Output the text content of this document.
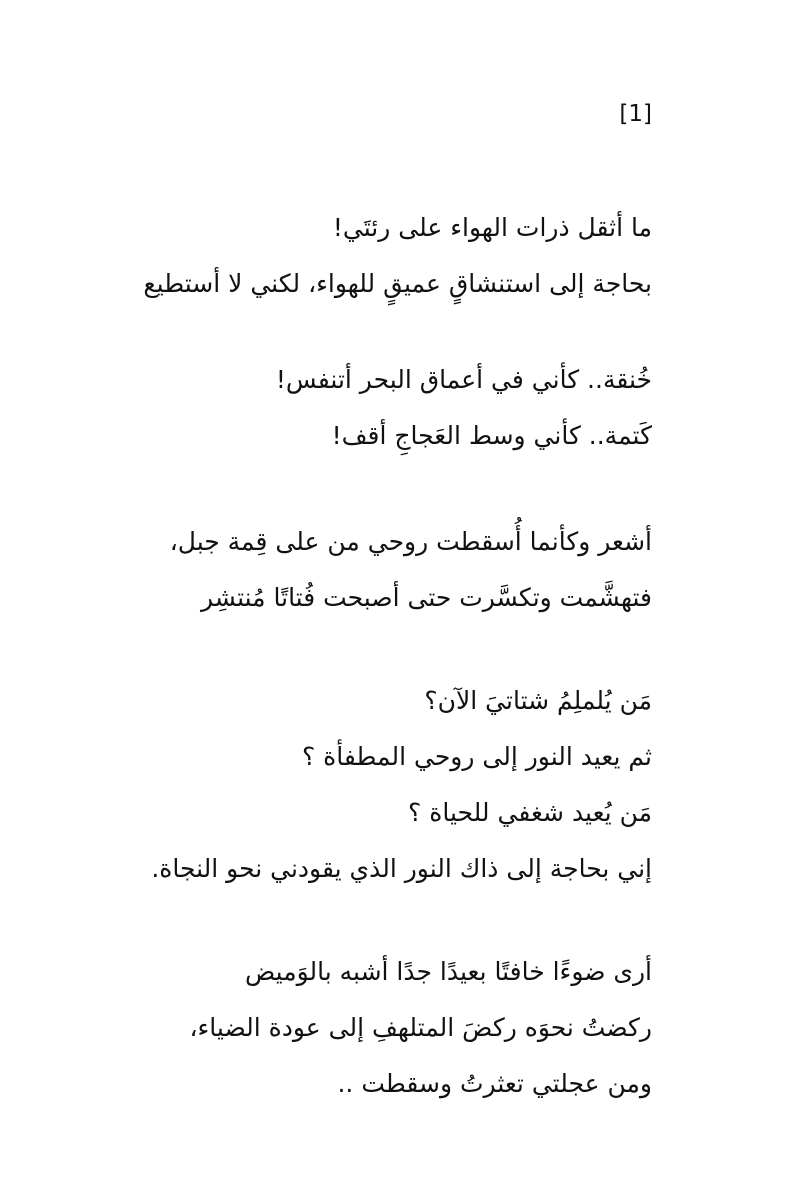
[1]
ما أثقل ذرات الهواء على رئتَي!
بحاجة إلى استنشاقٍ عميقٍ للهواء، لكني لا أستطيع
خُنقة.. كأني في أعماق البحر أتنفس!
كَتمة.. كأني وسط العَجاجِ أقف!
أشعر وكأنما أُسقطت روحي من على قِمة جبل،
فتهشَّمت وتكسَّرت حتى أصبحت فُتاتًا مُنتشِر
مَن يُلملِمُ شتاتيَ الآن؟
ثم يعيد النور إلى روحي المطفأة ؟
مَن يُعيد شغفي للحياة ؟
إني بحاجة إلى ذاك النور الذي يقودني نحو النجاة.
أرى ضوءًا خافتًا بعيدًا جدًا أشبه بالوَميض
ركضتُ نحوَه ركضَ المتلهفِ إلى عودة الضياء،
ومن عجلتي تعثرتُ وسقطت ..
